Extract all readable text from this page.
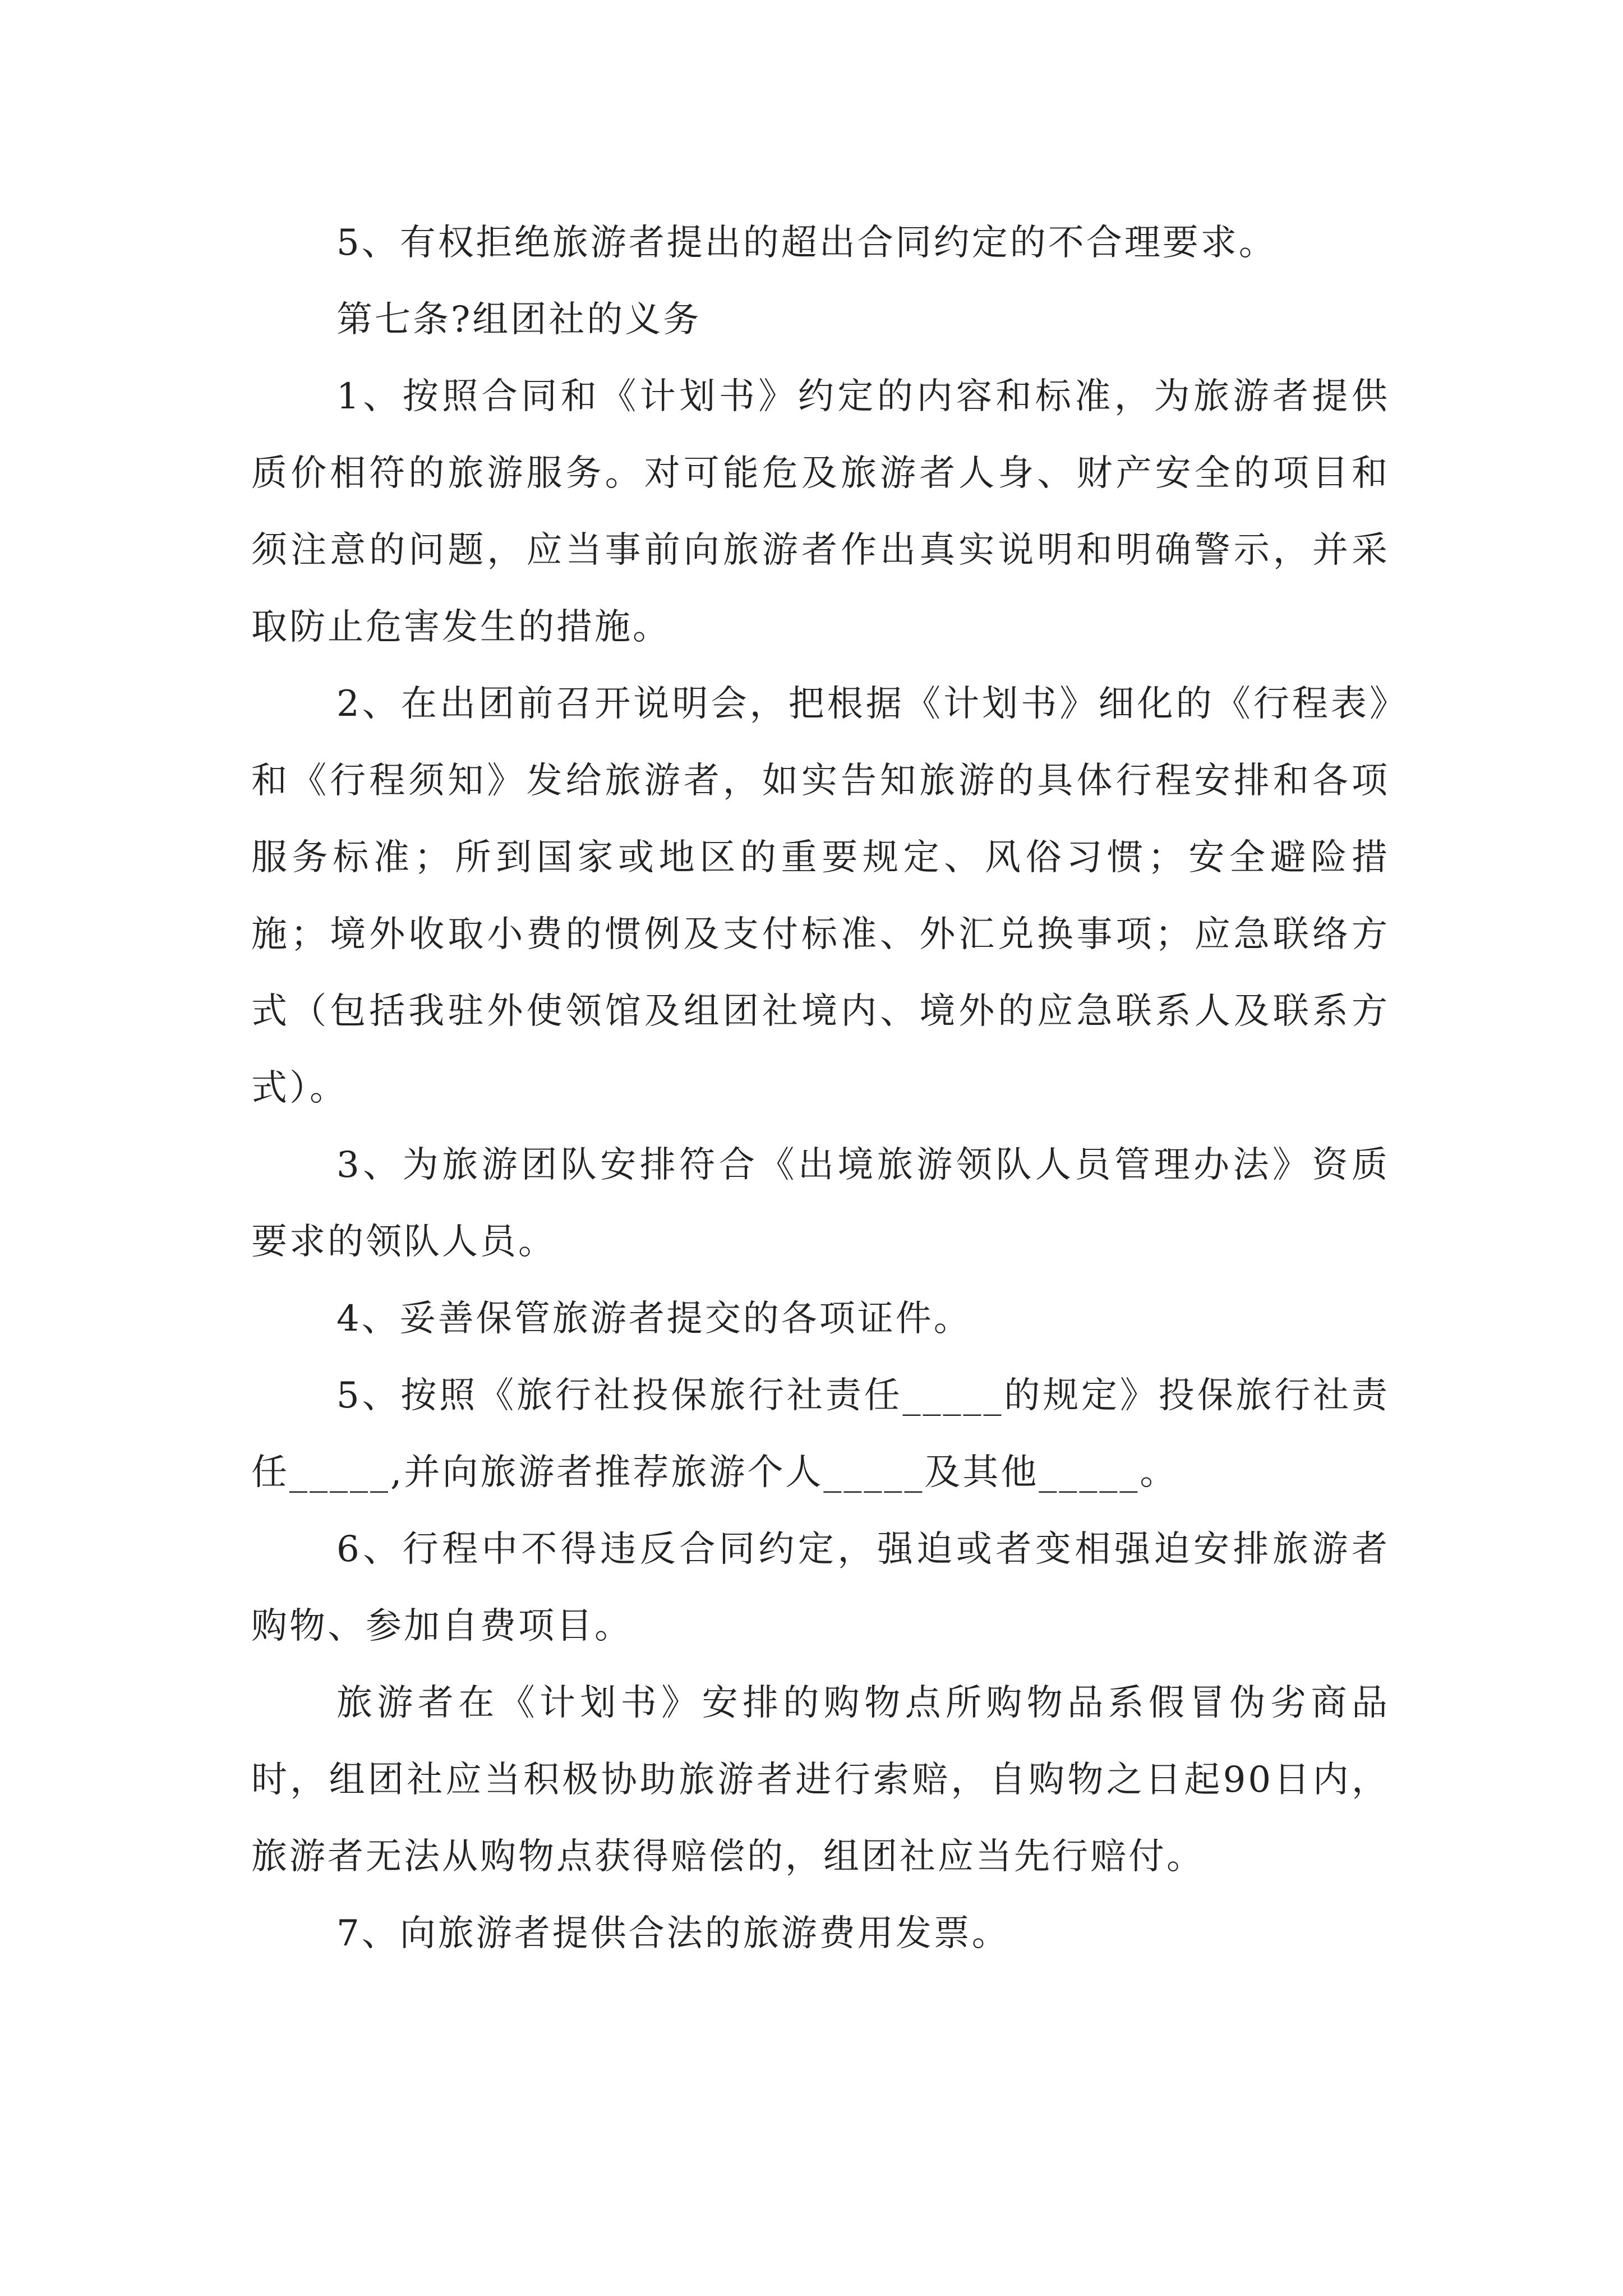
5、有权拒绝旅游者提出的超出合同约定的不合理要求。

第七条?组团社的义务

1、按照合同和《计划书》约定的内容和标准，为旅游者提供质价相符的旅游服务。对可能危及旅游者人身、财产安全的项目和须注意的问题，应当事前向旅游者作出真实说明和明确警示，并采取防止危害发生的措施。

2、在出团前召开说明会，把根据《计划书》细化的《行程表》和《行程须知》发给旅游者，如实告知旅游的具体行程安排和各项服务标准；所到国家或地区的重要规定、风俗习惯；安全避险措施；境外收取小费的惯例及支付标准、外汇兑换事项；应急联络方式（包括我驻外使领馆及组团社境内、境外的应急联系人及联系方式）。

3、为旅游团队安排符合《出境旅游领队人员管理办法》资质要求的领队人员。

4、妥善保管旅游者提交的各项证件。

5、按照《旅行社投保旅行社责任_____的规定》投保旅行社责任_____,并向旅游者推荐旅游个人_____及其他_____。

6、行程中不得违反合同约定，强迫或者变相强迫安排旅游者购物、参加自费项目。

旅游者在《计划书》安排的购物点所购物品系假冒伪劣商品时，组团社应当积极协助旅游者进行索赔，自购物之日起90日内，旅游者无法从购物点获得赔偿的，组团社应当先行赔付。

7、向旅游者提供合法的旅游费用发票。
